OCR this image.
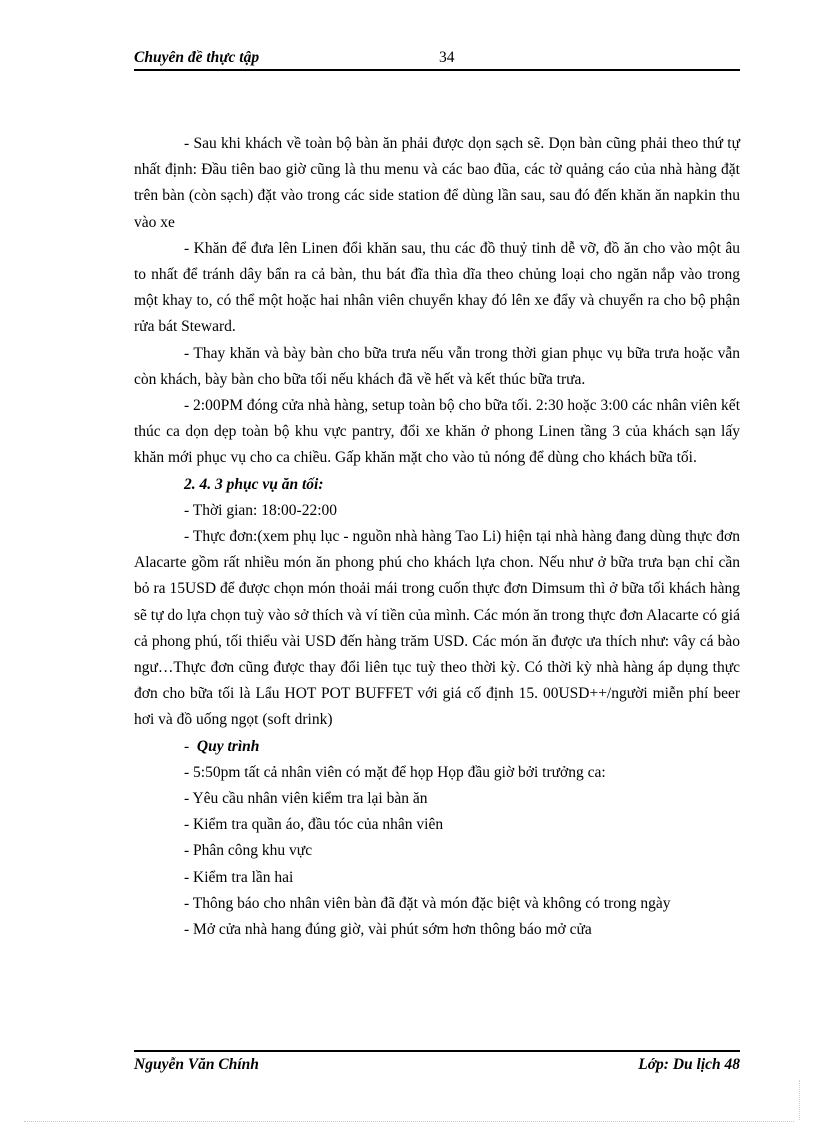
Chuyên đề thực tập	34

- Sau khi khách về toàn bộ bàn ăn phải được dọn sạch sẽ. Dọn bàn cũng phải theo thứ tự nhất định: Đầu tiên bao giờ cũng là thu menu và các bao đũa, các tờ quảng cáo của nhà hàng đặt trên bàn (còn sạch) đặt vào trong các side station để dùng lần sau, sau đó đến khăn ăn napkin thu vào xe

- Khăn để đưa lên Linen đổi khăn sau, thu các đồ thuỷ tinh dễ vỡ, đồ ăn cho vào một âu to nhất để tránh dây bẩn ra cả bàn, thu bát đĩa thìa dĩa theo chủng loại cho ngăn nắp vào trong một khay to, có thể một hoặc hai nhân viên chuyển khay đó lên xe đẩy và chuyển ra cho bộ phận rửa bát Steward.

- Thay khăn và bày bàn cho bữa trưa nếu vẫn trong thời gian phục vụ bữa trưa hoặc vẫn còn khách, bày bàn cho bữa tối nếu khách đã về hết và kết thúc bữa trưa.

- 2:00PM đóng cửa nhà hàng, setup toàn bộ cho bữa tối. 2:30 hoặc 3:00 các nhân viên kết thúc ca dọn dẹp toàn bộ khu vực pantry, đổi xe khăn ở phong Linen tầng 3 của khách sạn lấy khăn mới phục vụ cho ca chiều. Gấp khăn mặt cho vào tủ nóng để dùng cho khách bữa tối.

2. 4. 3 phục vụ ăn tối:
- Thời gian: 18:00-22:00

- Thực đơn:(xem phụ lục - nguồn nhà hàng Tao Li) hiện tại nhà hàng đang dùng thực đơn Alacarte gồm rất nhiều món ăn phong phú cho khách lựa chon. Nếu như ở bữa trưa bạn chỉ cần bỏ ra 15USD để được chọn món thoải mái trong cuốn thực đơn Dimsum thì ở bữa tối khách hàng sẽ tự do lựa chọn tuỳ vào sở thích và ví tiền của mình. Các món ăn trong thực đơn Alacarte có giá cả phong phú, tối thiểu vài USD đến hàng trăm USD. Các món ăn được ưa thích như: vây cá bào ngư…Thực đơn cũng được thay đổi liên tục tuỳ theo thời kỳ. Có thời kỳ nhà hàng áp dụng thực đơn cho bữa tối là Lẩu HOT POT BUFFET với giá cố định 15. 00USD++/người miễn phí beer hơi và đồ uống ngọt (soft drink)

- Quy trình
- 5:50pm tất cả nhân viên có mặt để họp Họp đầu giờ bởi trưởng ca:
- Yêu cầu nhân viên kiểm tra lại bàn ăn
- Kiểm tra quần áo, đầu tóc của nhân viên
- Phân công khu vực
- Kiểm tra lần hai
- Thông báo cho nhân viên bàn đã đặt và món đặc biệt và không có trong ngày
- Mở cửa nhà hang đúng giờ, vài phút sớm hơn thông báo mở cửa
Nguyễn Văn Chính	Lớp: Du lịch 48
